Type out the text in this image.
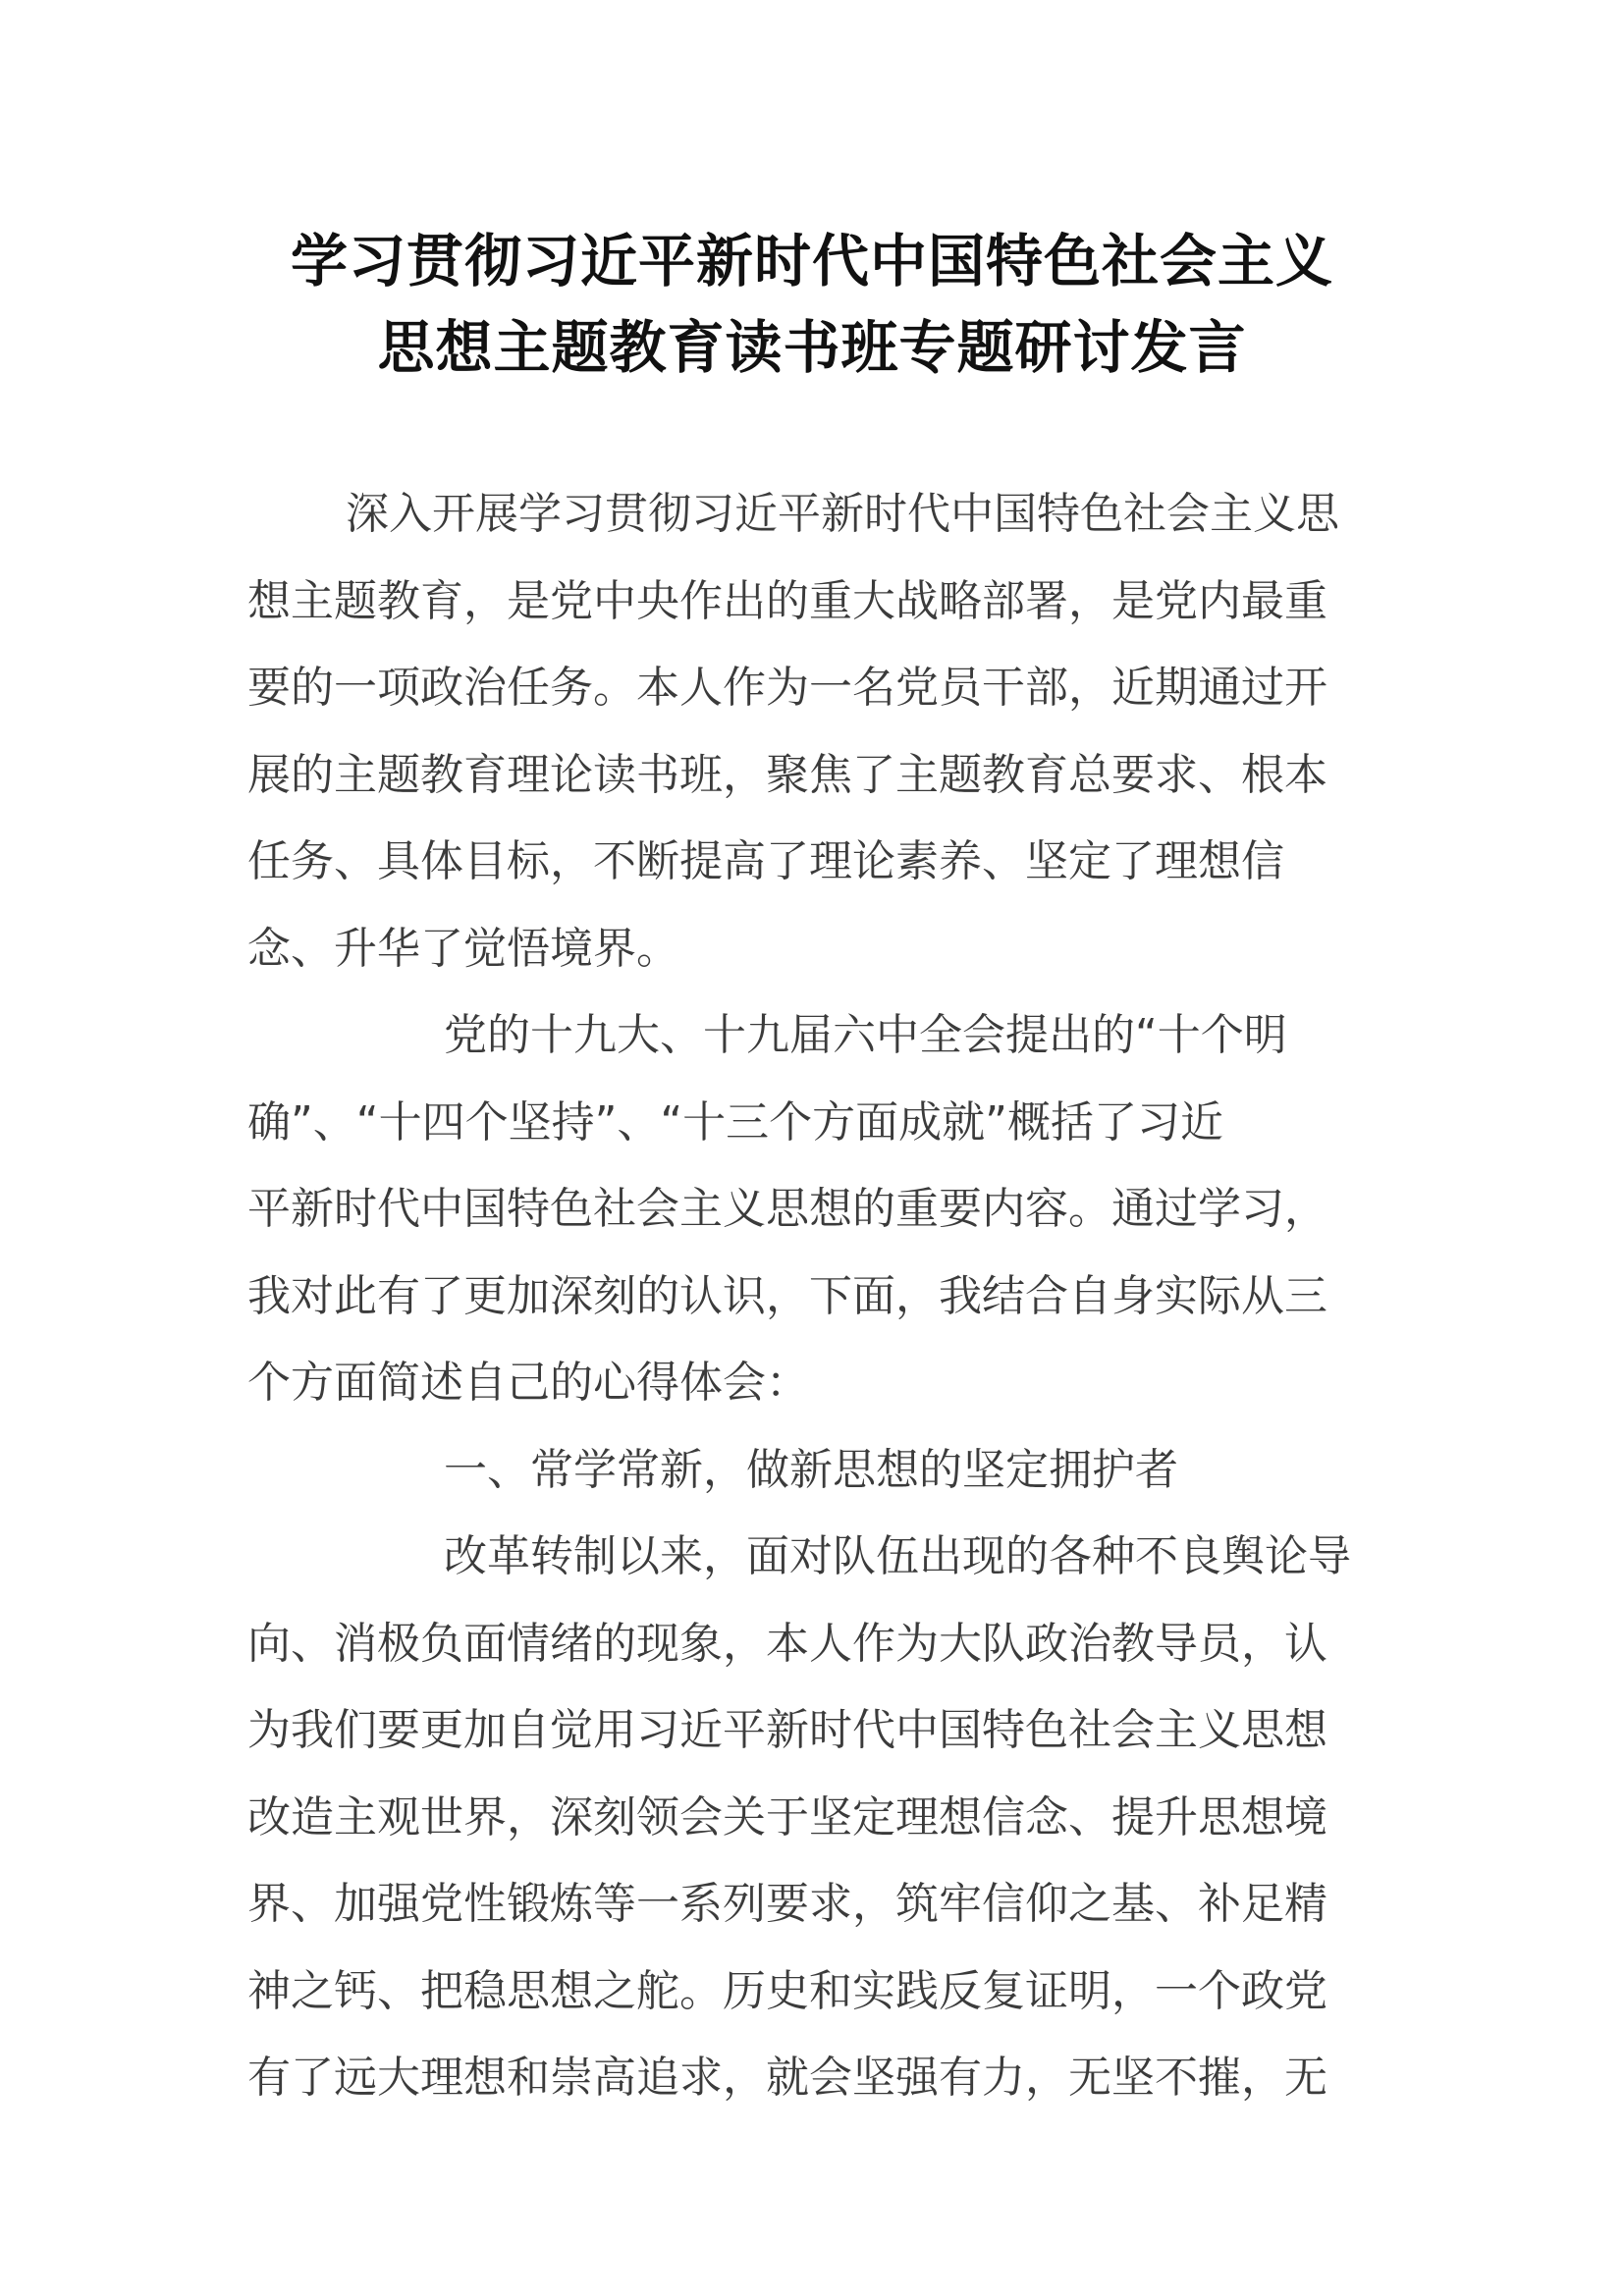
学习贯彻习近平新时代中国特色社会主义
思想主题教育读书班专题研讨发言
深入开展学习贯彻习近平新时代中国特色社会主义思
想主题教育，是党中央作出的重大战略部署，是党内最重
要的一项政治任务。本人作为一名党员干部，近期通过开
展的主题教育理论读书班，聚焦了主题教育总要求、根本
任务、具体目标，不断提高了理论素养、坚定了理想信
念、升华了觉悟境界。
党的十九大、十九届六中全会提出的“十个明
确”、“十四个坚持”、“十三个方面成就”概括了习近
平新时代中国特色社会主义思想的重要内容。通过学习，
我对此有了更加深刻的认识，下面，我结合自身实际从三
个方面简述自己的心得体会：
一、常学常新，做新思想的坚定拥护者
改革转制以来，面对队伍出现的各种不良舆论导
向、消极负面情绪的现象，本人作为大队政治教导员，认
为我们要更加自觉用习近平新时代中国特色社会主义思想
改造主观世界，深刻领会关于坚定理想信念、提升思想境
界、加强党性锻炼等一系列要求，筑牢信仰之基、补足精
神之钙、把稳思想之舵。历史和实践反复证明，一个政党
有了远大理想和崇高追求，就会坚强有力，无坚不摧，无
